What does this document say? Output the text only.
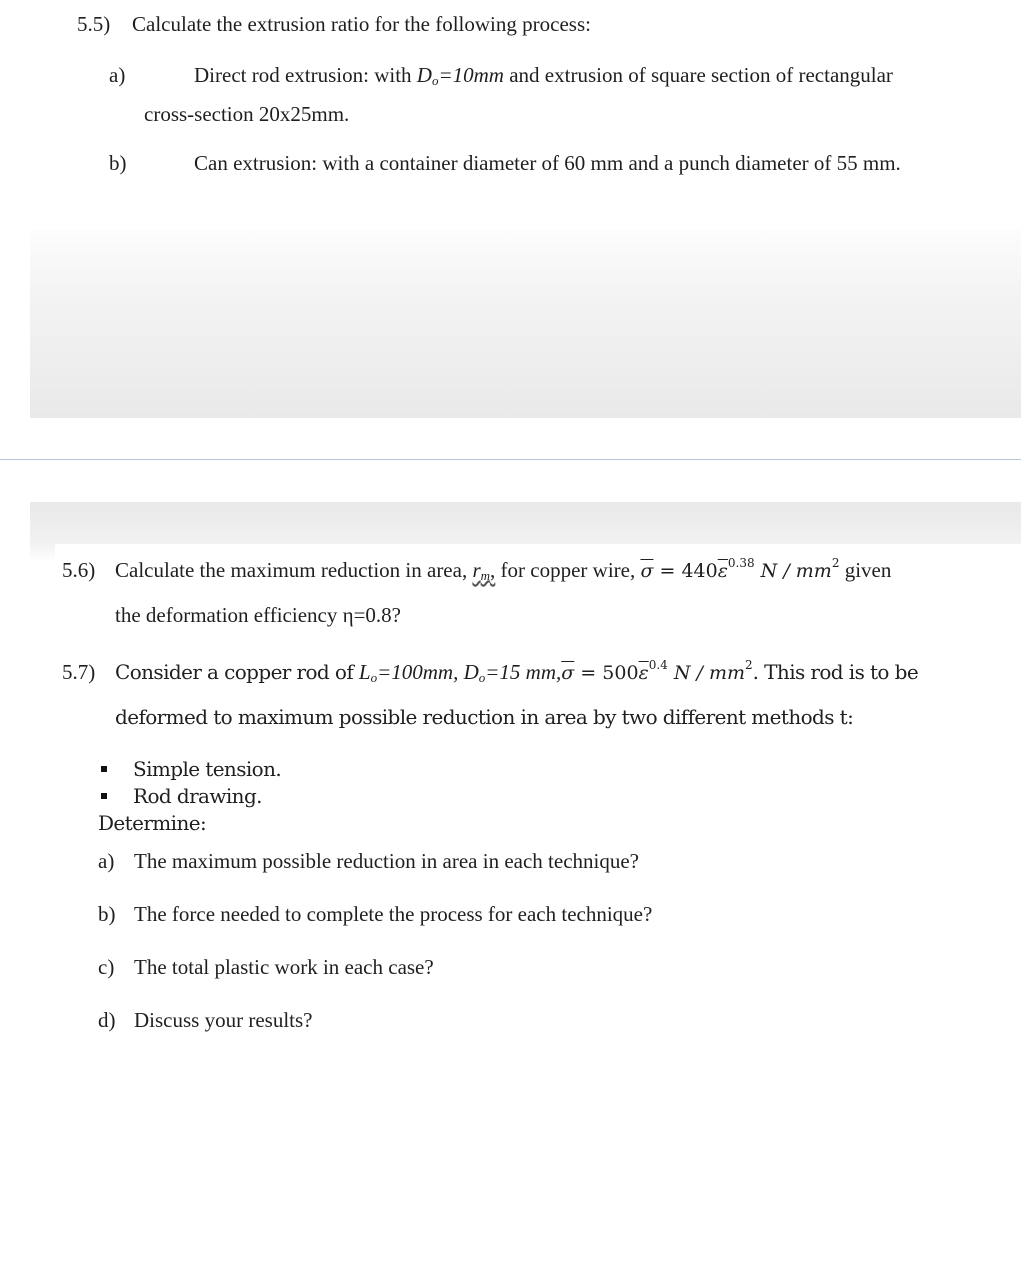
5.5) Calculate the extrusion ratio for the following process:
a)	Direct rod extrusion: with $D_o=10mm$ and extrusion of square section of rectangular
cross-section 20x25mm.
b)	Can extrusion: with a container diameter of 60 mm and a punch diameter of 55 mm.
5.6) Calculate the maximum reduction in area, $r_m$, for copper wire, $\overline{\sigma} = 440\overline{\varepsilon}^{0.38}$ N / $mm^2$ given
the deformation efficiency η=0.8?
5.7) Consider a copper rod of $L_o=100mm$, $D_o=15$ $mm,\overline{\sigma} = 500\overline{\varepsilon}^{0.4}$ N / $mm^2$. This rod is to be
deformed to maximum possible reduction in area by two different methods t:
Simple tension.
Rod drawing.
Determine:
a) The maximum possible reduction in area in each technique?
b) The force needed to complete the process for each technique?
c) The total plastic work in each case?
d) Discuss your results?
